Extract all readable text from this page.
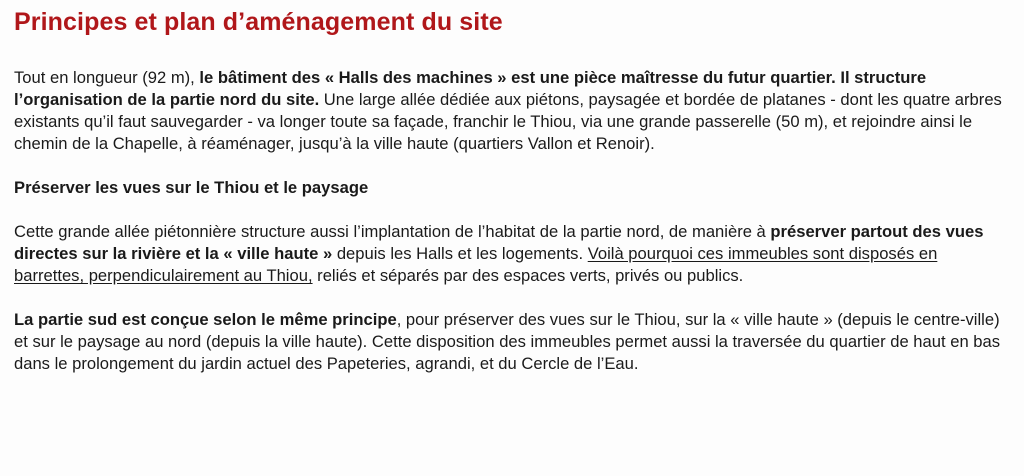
Principes et plan d’aménagement du site

Tout en longueur (92 m), le bâtiment des « Halls des machines » est une pièce maîtresse du futur quartier. Il structure l’organisation de la partie nord du site. Une large allée dédiée aux piétons, paysagée et bordée de platanes - dont les quatre arbres existants qu’il faut sauvegarder - va longer toute sa façade, franchir le Thiou, via une grande passerelle (50 m), et rejoindre ainsi le chemin de la Chapelle, à réaménager, jusqu’à la ville haute (quartiers Vallon et Renoir).

Préserver les vues sur le Thiou et le paysage

Cette grande allée piétonnière structure aussi l’implantation de l’habitat de la partie nord, de manière à préserver partout des vues directes sur la rivière et la « ville haute » depuis les Halls et les logements. Voilà pourquoi ces immeubles sont disposés en barrettes, perpendiculairement au Thiou, reliés et séparés par des espaces verts, privés ou publics.

La partie sud est conçue selon le même principe, pour préserver des vues sur le Thiou, sur la « ville haute » (depuis le centre-ville) et sur le paysage au nord (depuis la ville haute). Cette disposition des immeubles permet aussi la traversée du quartier de haut en bas dans le prolongement du jardin actuel des Papeteries, agrandi, et du Cercle de l’Eau.
